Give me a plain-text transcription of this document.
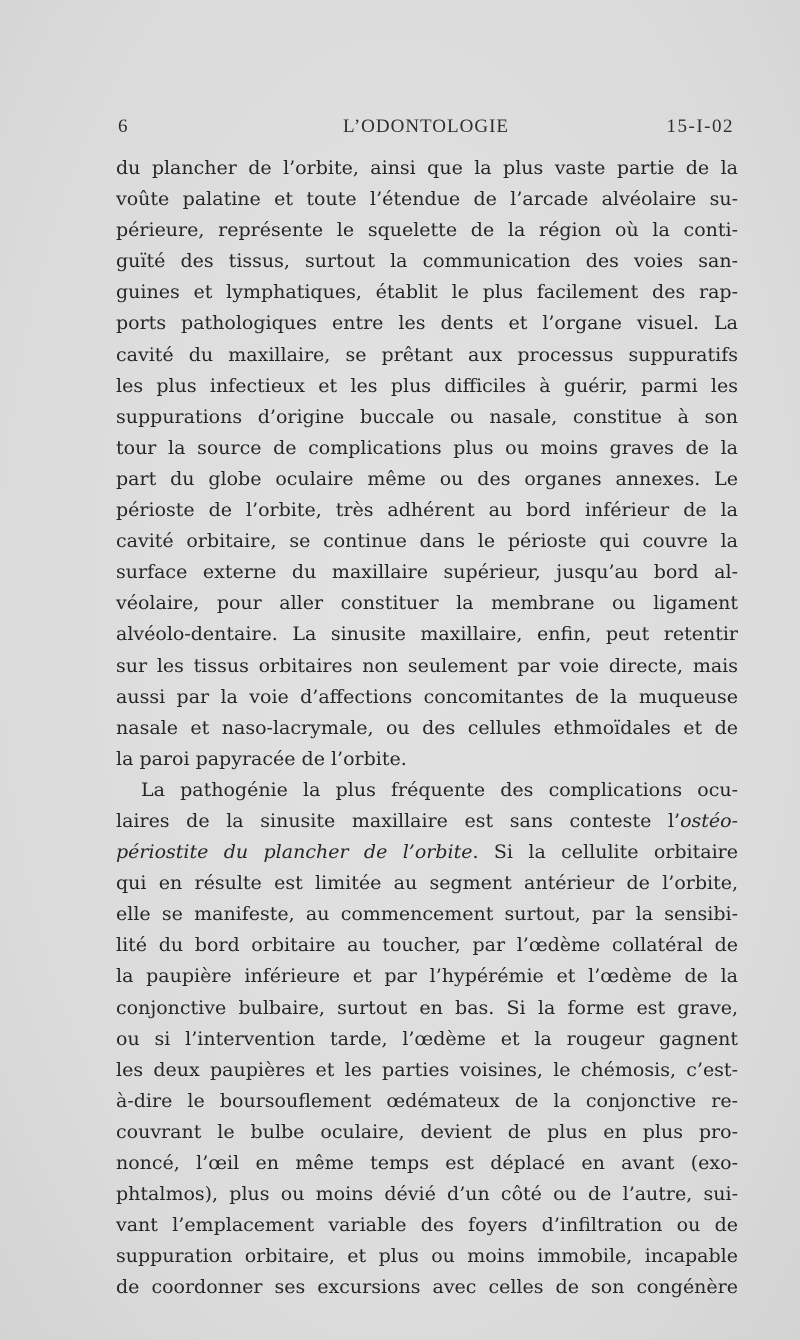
6	L’ODONTOLOGIE	15-I-02
du plancher de l’orbite, ainsi que la plus vaste partie de la
voûte palatine et toute l’étendue de l’arcade alvéolaire su-
périeure, représente le squelette de la région où la conti-
guïté des tissus, surtout la communication des voies san-
guines et lymphatiques, établit le plus facilement des rap-
ports pathologiques entre les dents et l’organe visuel. La
cavité du maxillaire, se prêtant aux processus suppuratifs
les plus infectieux et les plus difficiles à guérir, parmi les
suppurations d’origine buccale ou nasale, constitue à son
tour la source de complications plus ou moins graves de la
part du globe oculaire même ou des organes annexes. Le
périoste de l’orbite, très adhérent au bord inférieur de la
cavité orbitaire, se continue dans le périoste qui couvre la
surface externe du maxillaire supérieur, jusqu’au bord al-
véolaire, pour aller constituer la membrane ou ligament
alvéolo-dentaire. La sinusite maxillaire, enfin, peut retentir
sur les tissus orbitaires non seulement par voie directe, mais
aussi par la voie d’affections concomitantes de la muqueuse
nasale et naso-lacrymale, ou des cellules ethmoïdales et de
la paroi papyracée de l’orbite.
La pathogénie la plus fréquente des complications ocu-
laires de la sinusite maxillaire est sans conteste l’ostéo-
périostite du plancher de l’orbite. Si la cellulite orbitaire
qui en résulte est limitée au segment antérieur de l’orbite,
elle se manifeste, au commencement surtout, par la sensibi-
lité du bord orbitaire au toucher, par l’œdème collatéral de
la paupière inférieure et par l’hypérémie et l’œdème de la
conjonctive bulbaire, surtout en bas. Si la forme est grave,
ou si l’intervention tarde, l’œdème et la rougeur gagnent
les deux paupières et les parties voisines, le chémosis, c’est-
à-dire le boursouflement œdémateux de la conjonctive re-
couvrant le bulbe oculaire, devient de plus en plus pro-
noncé, l’œil en même temps est déplacé en avant (exo-
phtalmos), plus ou moins dévié d’un côté ou de l’autre, sui-
vant l’emplacement variable des foyers d’infiltration ou de
suppuration orbitaire, et plus ou moins immobile, incapable
de coordonner ses excursions avec celles de son congénère
